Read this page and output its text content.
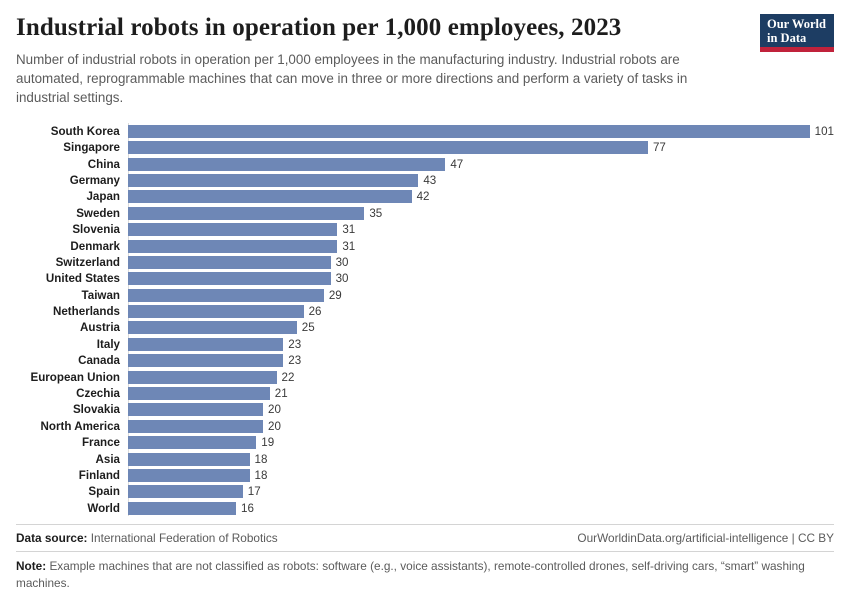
Industrial robots in operation per 1,000 employees, 2023

Number of industrial robots in operation per 1,000 employees in the manufacturing industry. Industrial robots are automated, reprogrammable machines that can move in three or more directions and perform a variety of tasks in industrial settings.

Our World
in Data
South Korea	101
Singapore	77
China	47
Germany	43
Japan	42
Sweden	35
Slovenia	31
Denmark	31
Switzerland	30
United States	30
Taiwan	29
Netherlands	26
Austria	25
Italy	23
Canada	23
European Union	22
Czechia	21
Slovakia	20
North America	20
France	19
Asia	18
Finland	18
Spain	17
World	16
Data source: International Federation of Robotics	OurWorldinData.org/artificial-intelligence | CC BY
Note: Example machines that are not classified as robots: software (e.g., voice assistants), remote-controlled drones, self-driving cars, “smart” washing machines.
